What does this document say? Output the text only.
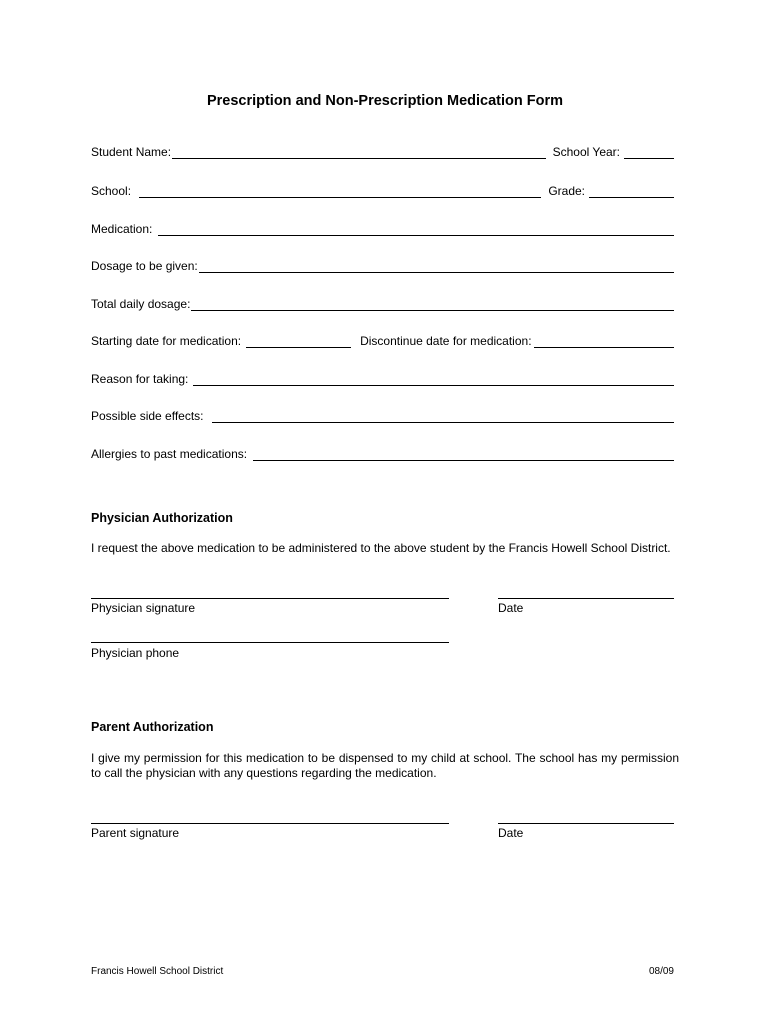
Prescription and Non-Prescription Medication Form
Student Name:	School Year:
School:	Grade:
Medication:
Dosage to be given:
Total daily dosage:
Starting date for medication:	Discontinue date for medication:
Reason for taking:
Possible side effects:
Allergies to past medications:
Physician Authorization
I request the above medication to be administered to the above student by the Francis Howell School District.
Physician signature	Date
Physician phone
Parent Authorization
I give my permission for this medication to be dispensed to my child at school. The school has my permission to call the physician with any questions regarding the medication.
Parent signature	Date
Francis Howell School District	08/09
